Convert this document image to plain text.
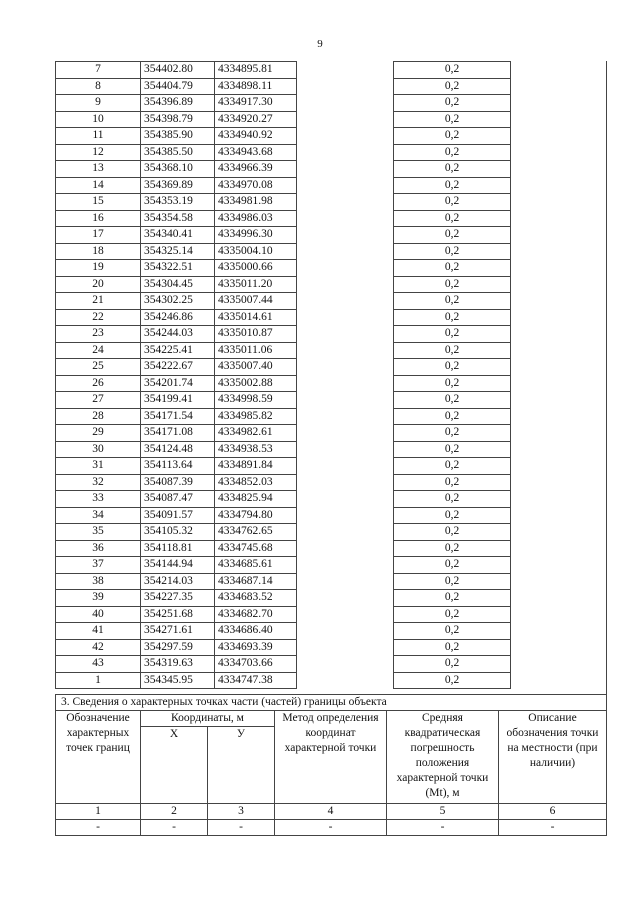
9
7	354402.80	4334895.81		0,2	
8	354404.79	4334898.11		0,2	
9	354396.89	4334917.30		0,2	
10	354398.79	4334920.27		0,2	
11	354385.90	4334940.92		0,2	
12	354385.50	4334943.68		0,2	
13	354368.10	4334966.39		0,2	
14	354369.89	4334970.08		0,2	
15	354353.19	4334981.98		0,2	
16	354354.58	4334986.03		0,2	
17	354340.41	4334996.30		0,2	
18	354325.14	4335004.10		0,2	
19	354322.51	4335000.66		0,2	
20	354304.45	4335011.20		0,2	
21	354302.25	4335007.44		0,2	
22	354246.86	4335014.61		0,2	
23	354244.03	4335010.87		0,2	
24	354225.41	4335011.06		0,2	
25	354222.67	4335007.40		0,2	
26	354201.74	4335002.88		0,2	
27	354199.41	4334998.59		0,2	
28	354171.54	4334985.82		0,2	
29	354171.08	4334982.61		0,2	
30	354124.48	4334938.53		0,2	
31	354113.64	4334891.84		0,2	
32	354087.39	4334852.03		0,2	
33	354087.47	4334825.94		0,2	
34	354091.57	4334794.80		0,2	
35	354105.32	4334762.65		0,2	
36	354118.81	4334745.68		0,2	
37	354144.94	4334685.61		0,2	
38	354214.03	4334687.14		0,2	
39	354227.35	4334683.52		0,2	
40	354251.68	4334682.70		0,2	
41	354271.61	4334686.40		0,2	
42	354297.59	4334693.39		0,2	
43	354319.63	4334703.66		0,2	
1	354345.95	4334747.38		0,2	
3. Сведения о характерных точках части (частей) границы объекта					
Обозначение характерных точек границ	Координаты, м		Метод определения координат характерной точки	Средняя квадратическая погрешность положения характерной точки (Mt), м	Описание обозначения точки на местности (при наличии)
	Х	У			
1	2	3	4	5	6
-	-	-	-	-	-
